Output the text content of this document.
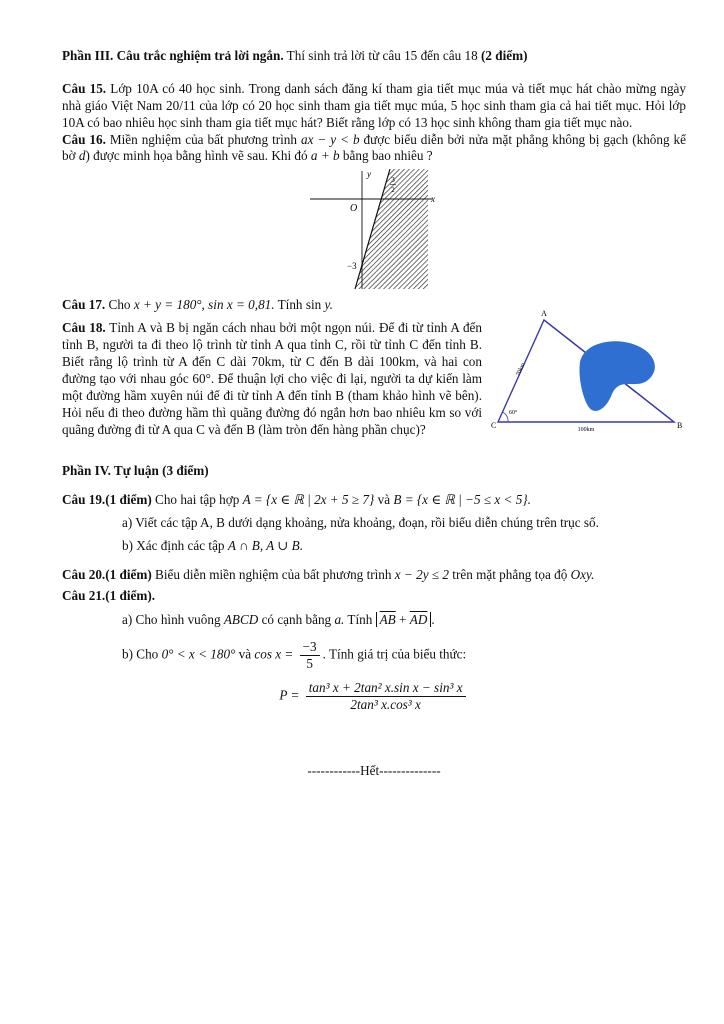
Phần III. Câu trắc nghiệm trả lời ngắn. Thí sinh trả lời từ câu 15 đến câu 18 (2 điểm)

Câu 15. Lớp 10A có 40 học sinh. Trong danh sách đăng kí tham gia tiết mục múa và tiết mục hát chào mừng ngày nhà giáo Việt Nam 20/11 của lớp có 20 học sinh tham gia tiết mục múa, 5 học sinh tham gia cả hai tiết mục. Hỏi lớp 10A có bao nhiêu học sinh tham gia tiết mục hát? Biết rằng lớp có 13 học sinh không tham gia tiết mục nào.

Câu 16. Miền nghiệm của bất phương trình ax − y < b được biểu diễn bởi nửa mặt phẳng không bị gạch (không kể bờ d) được minh họa bằng hình vẽ sau. Khi đó a + b bằng bao nhiêu ?

y
x
O
3
2
−3

Câu 17. Cho x + y = 180°, sin x = 0,81. Tính sin y.

Câu 18. Tỉnh A và B bị ngăn cách nhau bởi một ngọn núi. Để đi từ tỉnh A đến tỉnh B, người ta đi theo lộ trình từ tỉnh A qua tỉnh C, rồi từ tỉnh C đến tỉnh B. Biết rằng lộ trình từ A đến C dài 70km, từ C đến B dài 100km, và hai con đường tạo với nhau góc 60°. Để thuận lợi cho việc đi lại, người ta dự kiến làm một đường hầm xuyên núi để đi từ tỉnh A đến tỉnh B (tham khảo hình vẽ bên). Hỏi nếu đi theo đường hầm thì quãng đường đó ngắn hơn bao nhiêu km so với quãng đường đi từ A qua C và đến B (làm tròn đến hàng phần chục)?

A
C	B
70km
100km
60°

Phần IV. Tự luận (3 điểm)

Câu 19.(1 điểm) Cho hai tập hợp A = {x ∈ ℝ | 2x + 5 ≥ 7} và B = {x ∈ ℝ | −5 ≤ x < 5}.

a) Viết các tập A, B dưới dạng khoảng, nửa khoảng, đoạn, rồi biểu diễn chúng trên trục số.

b) Xác định các tập A ∩ B, A ∪ B.

Câu 20.(1 điểm) Biểu diễn miền nghiệm của bất phương trình x − 2y ≤ 2 trên mặt phẳng tọa độ Oxy.

Câu 21.(1 điểm).

a) Cho hình vuông ABCD có cạnh bằng a. Tính $\overline{AB} + \overline{AD}$ .

b) Cho 0° < x < 180° và $\cos x = \frac{-3}{5}$ . Tính giá trị của biểu thức:

$P = \frac{\text{tan³ x + 2tan² x.sin x − sin³ x}}{\text{2tan³ x.cos³ x}}$

------------Hết--------------
